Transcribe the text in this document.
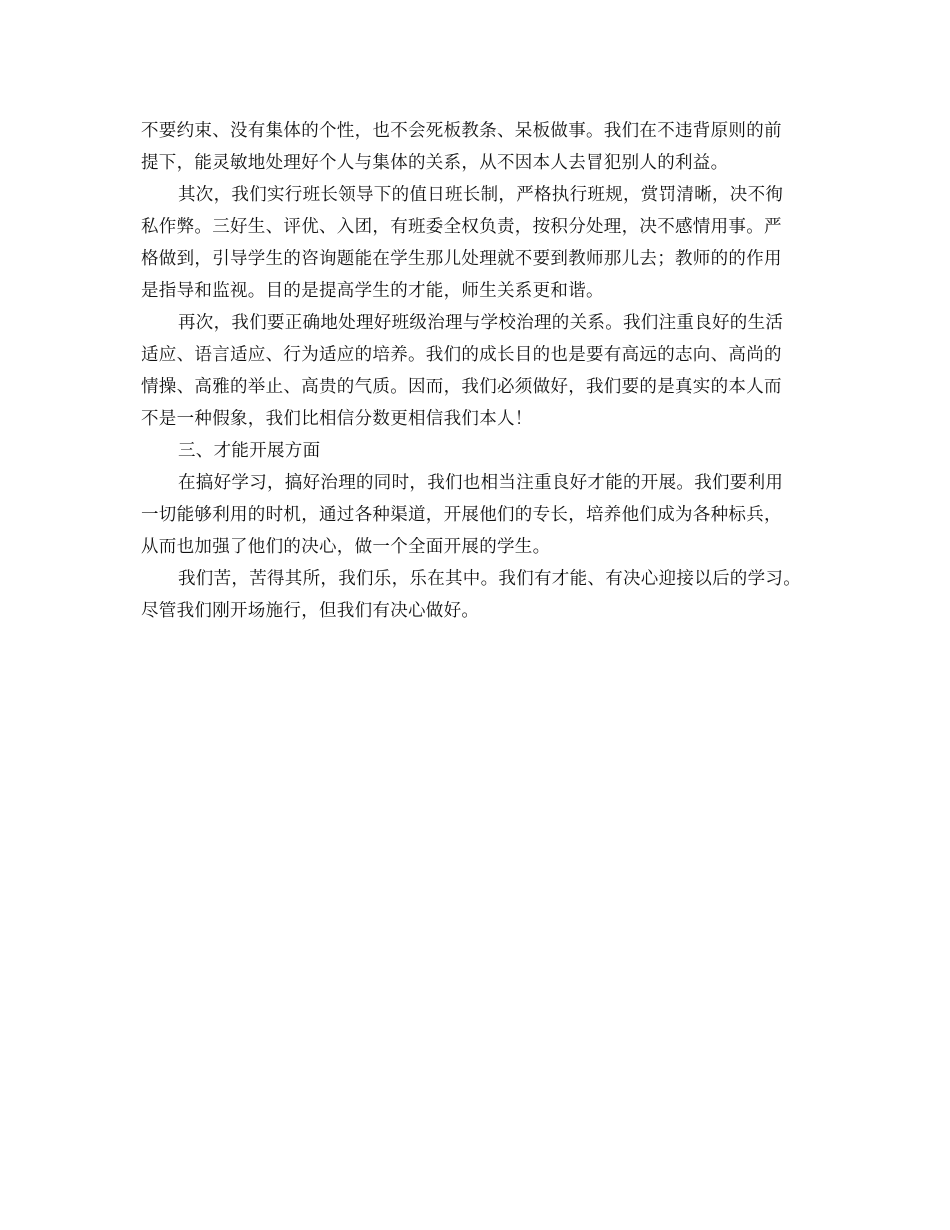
不要约束、没有集体的个性，也不会死板教条、呆板做事。我们在不违背原则的前
提下，能灵敏地处理好个人与集体的关系，从不因本人去冒犯别人的利益。
其次，我们实行班长领导下的值日班长制，严格执行班规，赏罚清晰，决不徇
私作弊。三好生、评优、入团，有班委全权负责，按积分处理，决不感情用事。严
格做到，引导学生的咨询题能在学生那儿处理就不要到教师那儿去；教师的的作用
是指导和监视。目的是提高学生的才能，师生关系更和谐。
再次，我们要正确地处理好班级治理与学校治理的关系。我们注重良好的生活
适应、语言适应、行为适应的培养。我们的成长目的也是要有高远的志向、高尚的
情操、高雅的举止、高贵的气质。因而，我们必须做好，我们要的是真实的本人而
不是一种假象，我们比相信分数更相信我们本人！
三、才能开展方面
在搞好学习，搞好治理的同时，我们也相当注重良好才能的开展。我们要利用
一切能够利用的时机，通过各种渠道，开展他们的专长，培养他们成为各种标兵，
从而也加强了他们的决心，做一个全面开展的学生。
我们苦，苦得其所，我们乐，乐在其中。我们有才能、有决心迎接以后的学习。
尽管我们刚开场施行，但我们有决心做好。
